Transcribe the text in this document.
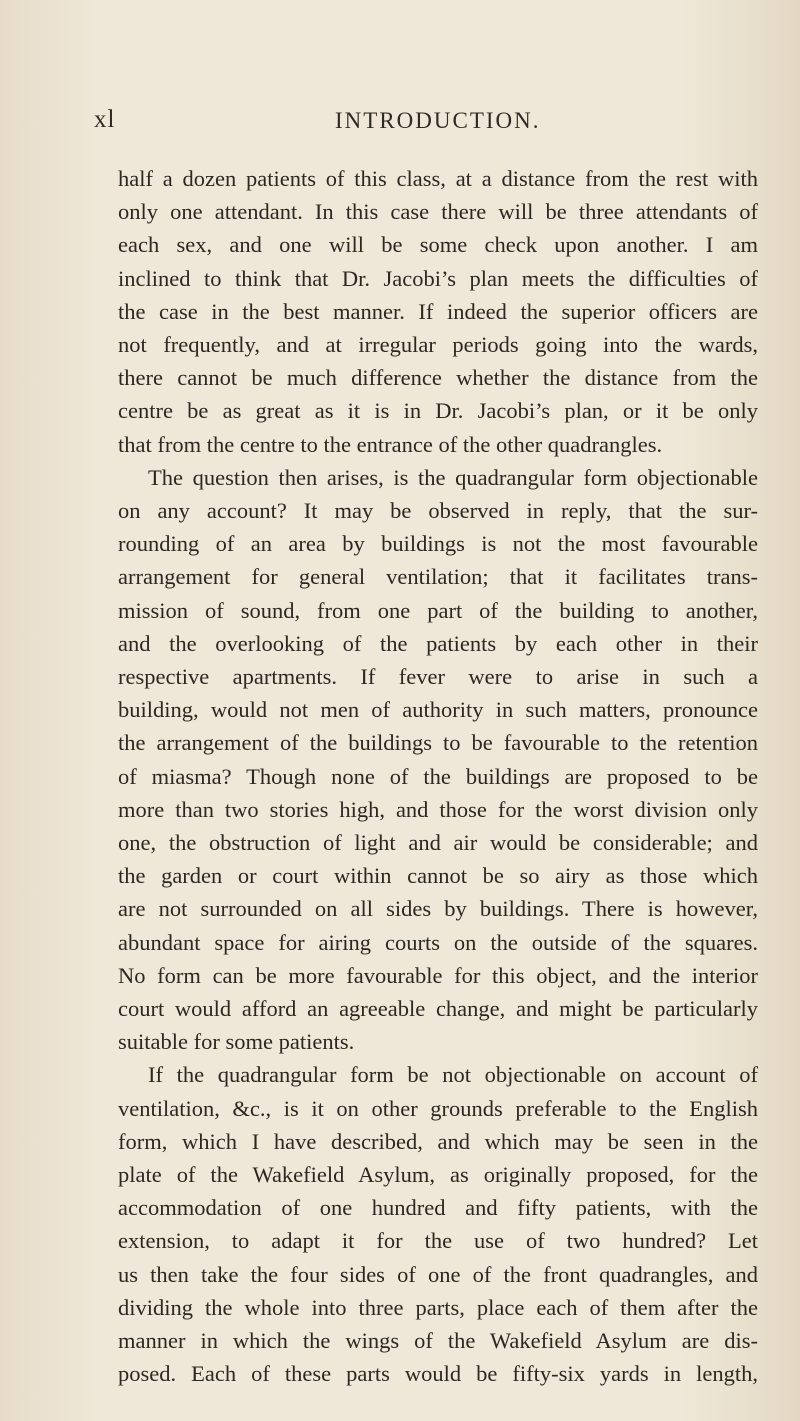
xl	INTRODUCTION.
half a dozen patients of this class, at a distance from the rest with
only one attendant. In this case there will be three attendants of
each sex, and one will be some check upon another. I am
inclined to think that Dr. Jacobi’s plan meets the difficulties of
the case in the best manner. If indeed the superior officers are
not frequently, and at irregular periods going into the wards,
there cannot be much difference whether the distance from the
centre be as great as it is in Dr. Jacobi’s plan, or it be only
that from the centre to the entrance of the other quadrangles.
The question then arises, is the quadrangular form objectionable
on any account? It may be observed in reply, that the sur-
rounding of an area by buildings is not the most favourable
arrangement for general ventilation; that it facilitates trans-
mission of sound, from one part of the building to another,
and the overlooking of the patients by each other in their
respective apartments. If fever were to arise in such a
building, would not men of authority in such matters, pronounce
the arrangement of the buildings to be favourable to the retention
of miasma? Though none of the buildings are proposed to be
more than two stories high, and those for the worst division only
one, the obstruction of light and air would be considerable; and
the garden or court within cannot be so airy as those which
are not surrounded on all sides by buildings. There is however,
abundant space for airing courts on the outside of the squares.
No form can be more favourable for this object, and the interior
court would afford an agreeable change, and might be particularly
suitable for some patients.
If the quadrangular form be not objectionable on account of
ventilation, &c., is it on other grounds preferable to the English
form, which I have described, and which may be seen in the
plate of the Wakefield Asylum, as originally proposed, for the
accommodation of one hundred and fifty patients, with the
extension, to adapt it for the use of two hundred? Let
us then take the four sides of one of the front quadrangles, and
dividing the whole into three parts, place each of them after the
manner in which the wings of the Wakefield Asylum are dis-
posed. Each of these parts would be fifty-six yards in length,
